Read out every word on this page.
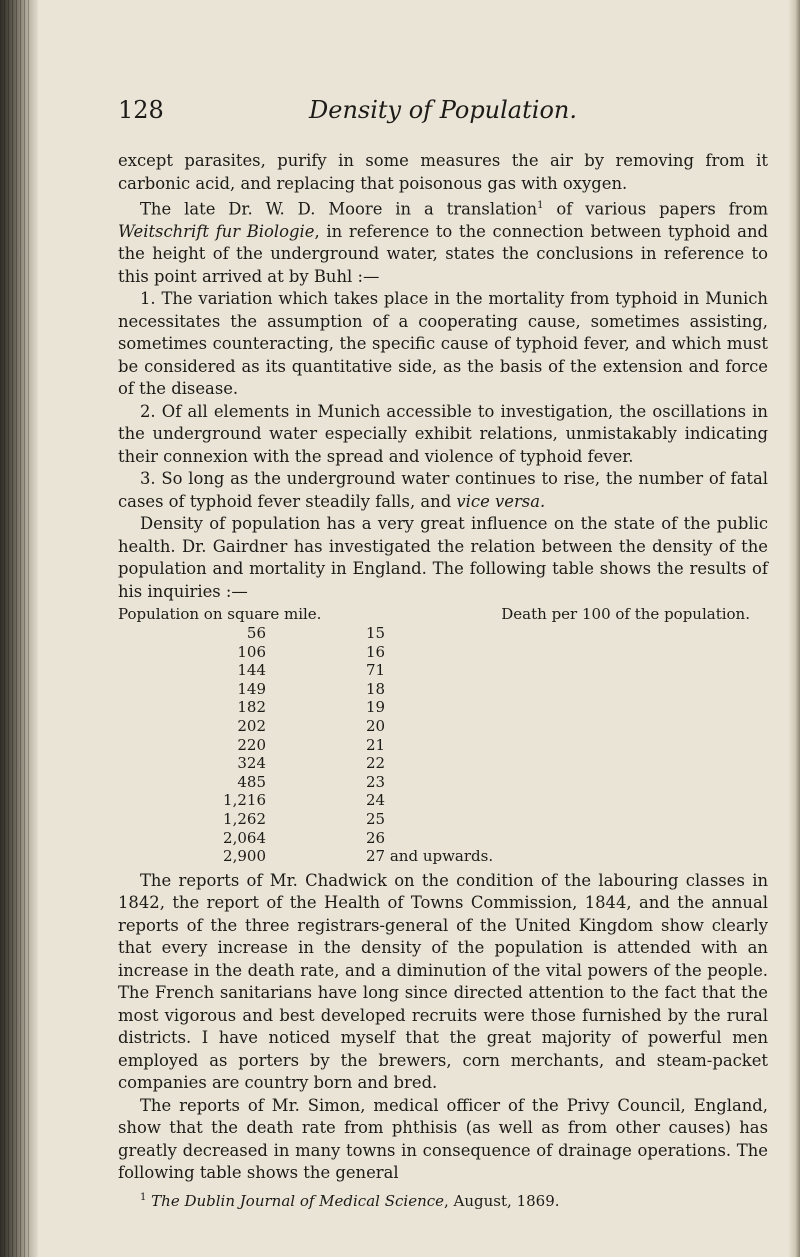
128	Density of Population.

except parasites, purify in some measures the air by removing from it carbonic acid, and replacing that poisonous gas with oxygen.

The late Dr. W. D. Moore in a translation$^1$ of various papers from Weitschrift fur Biologie, in reference to the connection between typhoid and the height of the underground water, states the conclusions in reference to this point arrived at by Buhl :—

1. The variation which takes place in the mortality from typhoid in Munich necessitates the assumption of a cooperating cause, sometimes assisting, sometimes counteracting, the specific cause of typhoid fever, and which must be considered as its quantitative side, as the basis of the extension and force of the disease.

2. Of all elements in Munich accessible to investigation, the oscillations in the underground water especially exhibit relations, unmistakably indicating their connexion with the spread and violence of typhoid fever.

3. So long as the underground water continues to rise, the number of fatal cases of typhoid fever steadily falls, and vice versa.

Density of population has a very great influence on the state of the public health. Dr. Gairdner has investigated the relation between the density of the population and mortality in England. The following table shows the results of his inquiries :—

Population on square mile.	Death per 100 of the population.
56	15
106	16
144	71
149	18
182	19
202	20
220	21
324	22
485	23
1,216	24
1,262	25
2,064	26
2,900	27 and upwards.

The reports of Mr. Chadwick on the condition of the labouring classes in 1842, the report of the Health of Towns Commission, 1844, and the annual reports of the three registrars-general of the United Kingdom show clearly that every increase in the density of the population is attended with an increase in the death rate, and a diminution of the vital powers of the people. The French sanitarians have long since directed attention to the fact that the most vigorous and best developed recruits were those furnished by the rural districts. I have noticed myself that the great majority of powerful men employed as porters by the brewers, corn merchants, and steam-packet companies are country born and bred.

The reports of Mr. Simon, medical officer of the Privy Council, England, show that the death rate from phthisis (as well as from other causes) has greatly decreased in many towns in consequence of drainage operations. The following table shows the general

$^1$ The Dublin Journal of Medical Science, August, 1869.
